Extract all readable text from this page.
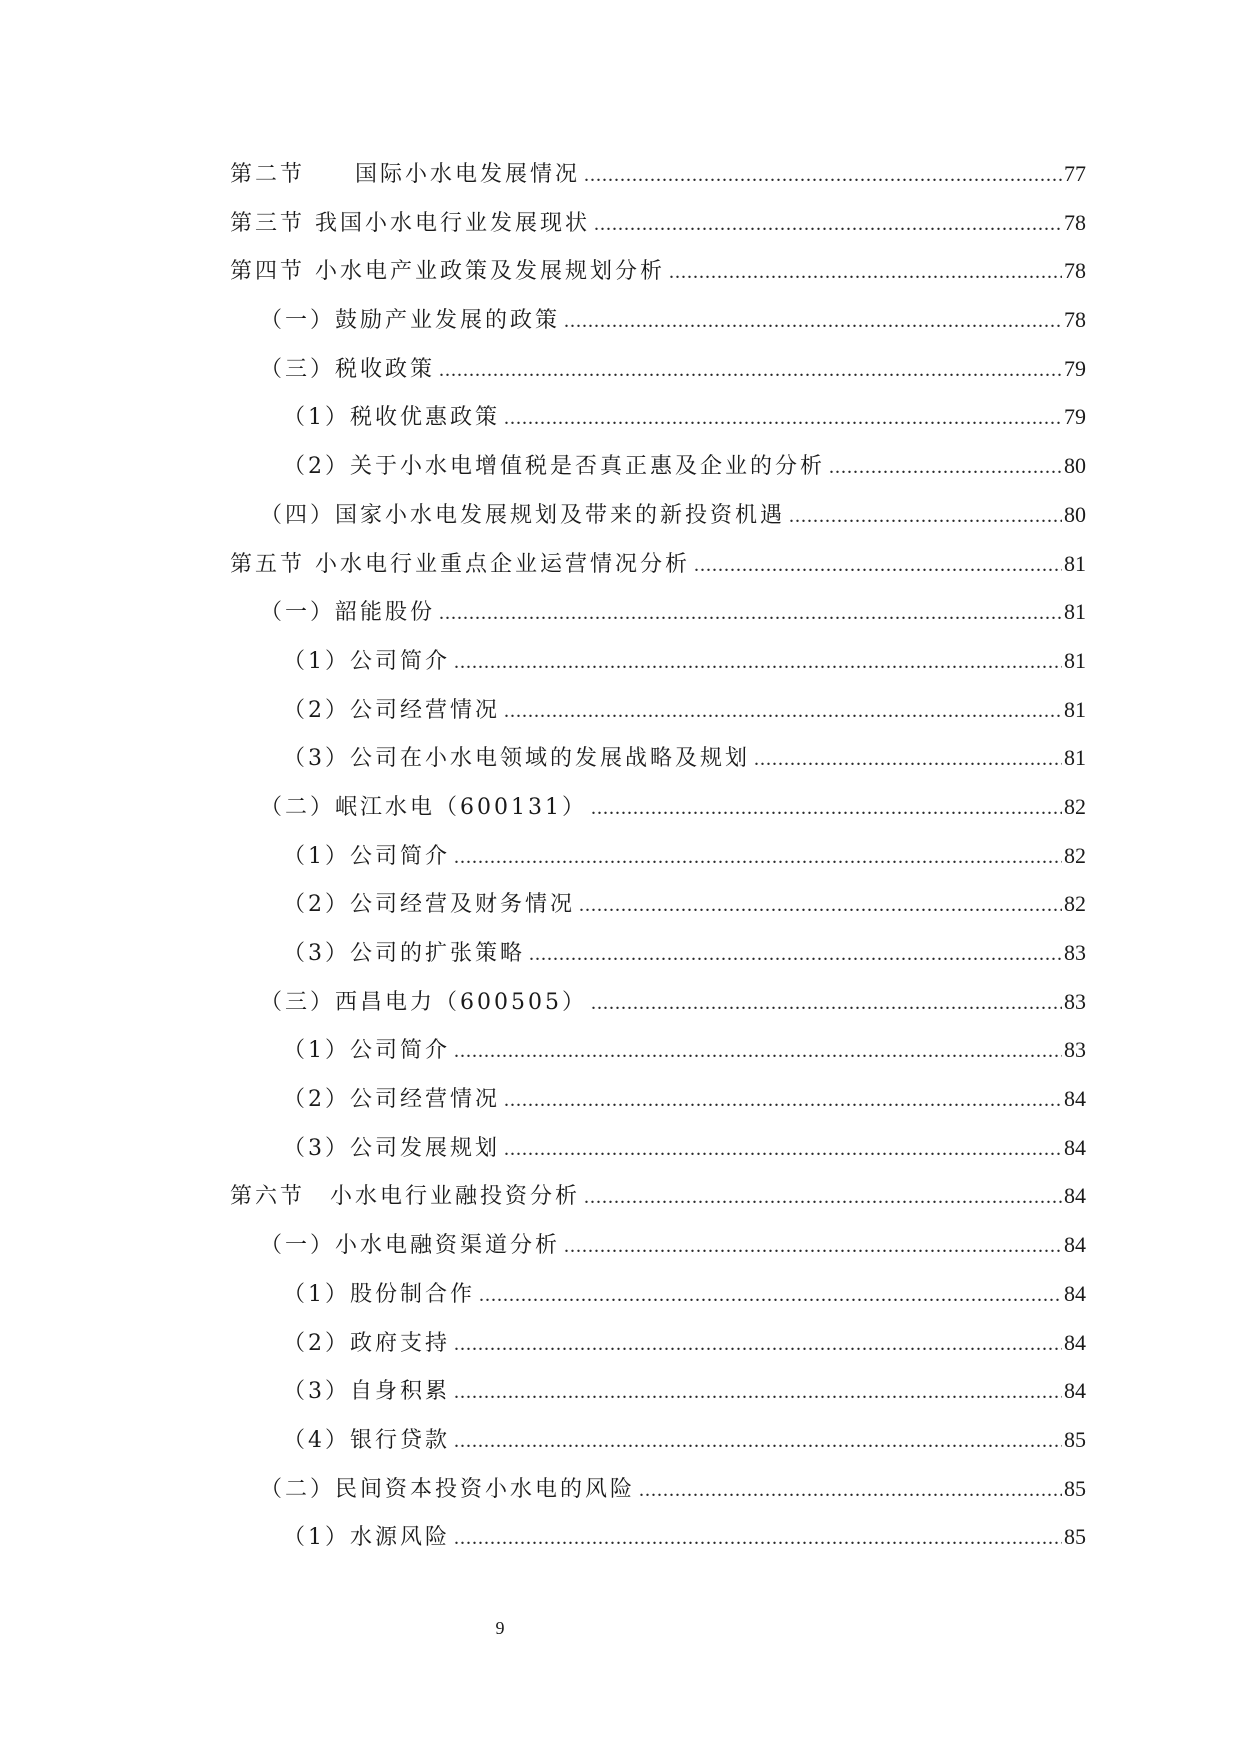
第二节　　国际小水电发展情况 .....	77
第三节 我国小水电行业发展现状 .....	78
第四节 小水电产业政策及发展规划分析 .....	78
（一）鼓励产业发展的政策 .....	78
（三）税收政策 .....	79
（1）税收优惠政策 .....	79
（2）关于小水电增值税是否真正惠及企业的分析 .....	80
（四）国家小水电发展规划及带来的新投资机遇 .....	80
第五节 小水电行业重点企业运营情况分析 .....	81
（一）韶能股份 .....	81
（1）公司简介 .....	81
（2）公司经营情况 .....	81
（3）公司在小水电领域的发展战略及规划 .....	81
（二）岷江水电（600131） .....	82
（1）公司简介 .....	82
（2）公司经营及财务情况 .....	82
（3）公司的扩张策略 .....	83
（三）西昌电力（600505） .....	83
（1）公司简介 .....	83
（2）公司经营情况 .....	84
（3）公司发展规划 .....	84
第六节　小水电行业融投资分析 .....	84
（一）小水电融资渠道分析 .....	84
（1）股份制合作 .....	84
（2）政府支持 .....	84
（3）自身积累 .....	84
（4）银行贷款 .....	85
（二）民间资本投资小水电的风险 .....	85
（1）水源风险 .....	85
9
